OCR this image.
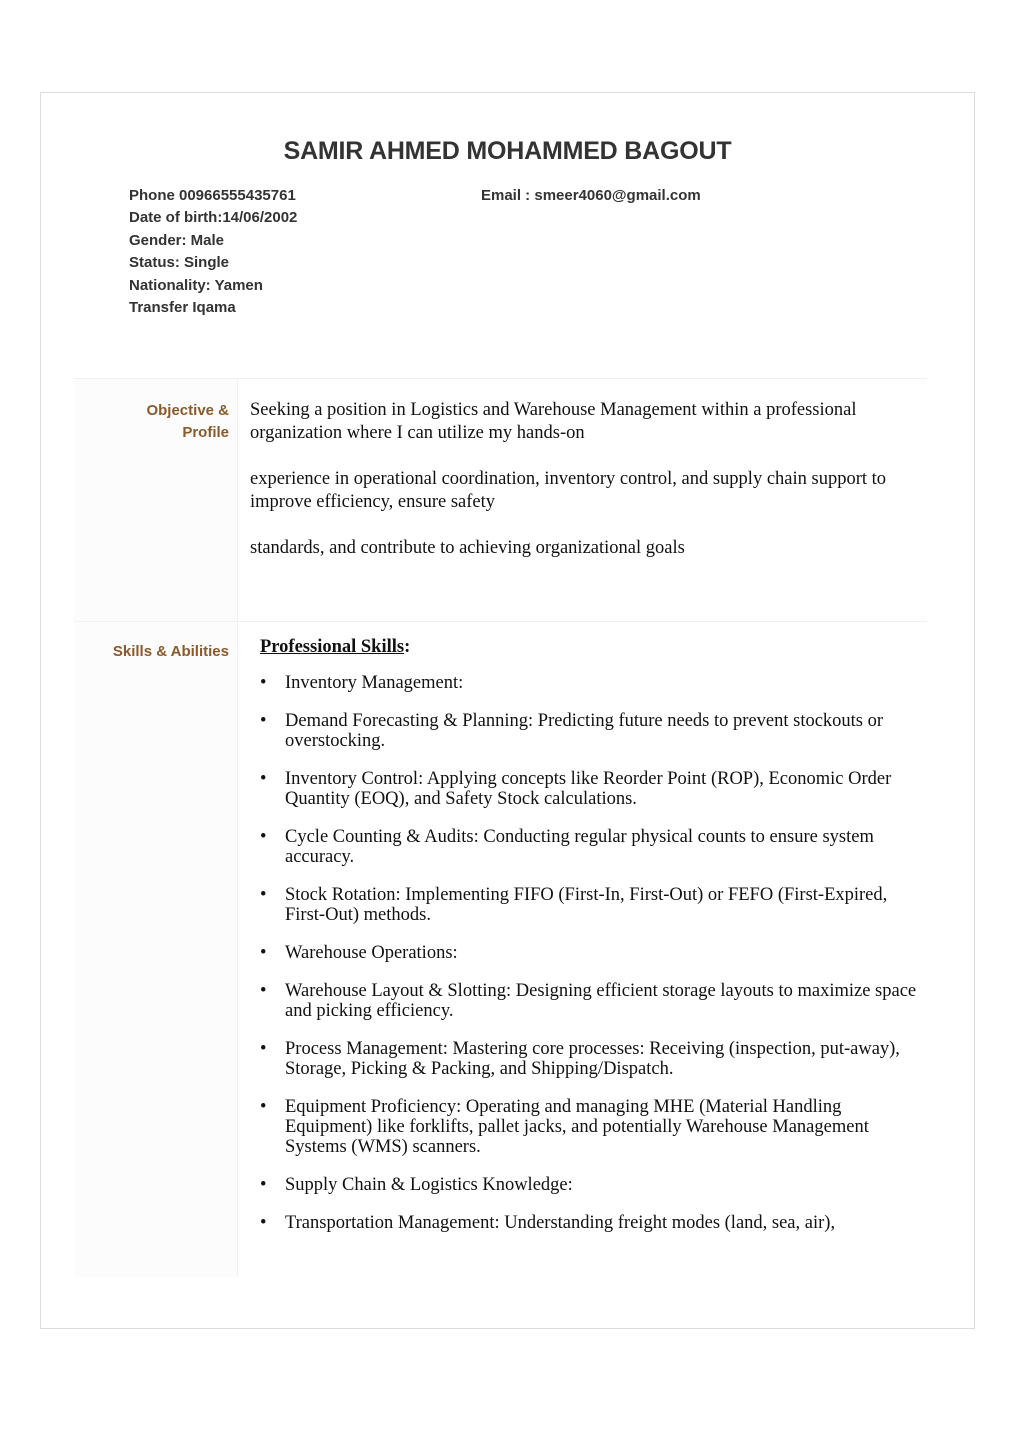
SAMIR AHMED MOHAMMED BAGOUT
Phone 00966555435761
Date of birth:14/06/2002
Gender: Male
Status: Single
Nationality: Yamen
Transfer Iqama
Email : smeer4060@gmail.com
Objective &
Profile

Seeking a position in Logistics and Warehouse Management within a professional organization where I can utilize my hands-on

experience in operational coordination, inventory control, and supply chain support to improve efficiency, ensure safety

standards, and contribute to achieving organizational goals

Skills & Abilities	Professional Skills:
• Inventory Management:
• Demand Forecasting & Planning: Predicting future needs to prevent stockouts or overstocking.
• Inventory Control: Applying concepts like Reorder Point (ROP), Economic Order Quantity (EOQ), and Safety Stock calculations.
• Cycle Counting & Audits: Conducting regular physical counts to ensure system accuracy.
• Stock Rotation: Implementing FIFO (First-In, First-Out) or FEFO (First-Expired, First-Out) methods.
• Warehouse Operations:
• Warehouse Layout & Slotting: Designing efficient storage layouts to maximize space and picking efficiency.
• Process Management: Mastering core processes: Receiving (inspection, put-away), Storage, Picking & Packing, and Shipping/Dispatch.
• Equipment Proficiency: Operating and managing MHE (Material Handling Equipment) like forklifts, pallet jacks, and potentially Warehouse Management Systems (WMS) scanners.
• Supply Chain & Logistics Knowledge:
• Transportation Management: Understanding freight modes (land, sea, air),
